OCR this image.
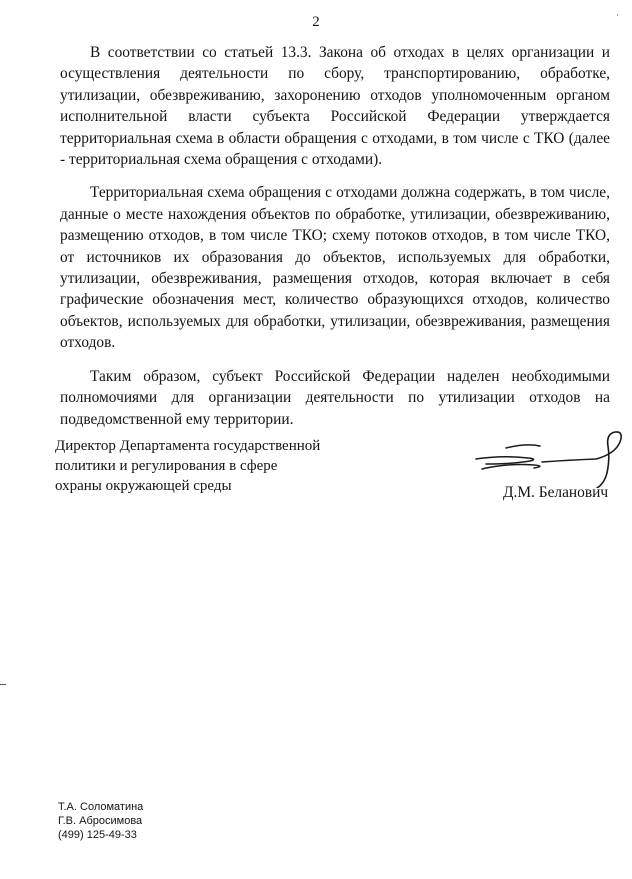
2

В соответствии со статьей 13.3. Закона об отходах в целях организации и осуществления деятельности по сбору, транспортированию, обработке, утилизации, обезвреживанию, захоронению отходов уполномоченным органом исполнительной власти субъекта Российской Федерации утверждается территориальная схема в области обращения с отходами, в том числе с ТКО (далее - территориальная схема обращения с отходами).

Территориальная схема обращения с отходами должна содержать, в том числе, данные о месте нахождения объектов по обработке, утилизации, обезвреживанию, размещению отходов, в том числе ТКО; схему потоков отходов, в том числе ТКО, от источников их образования до объектов, используемых для обработки, утилизации, обезвреживания, размещения отходов, которая включает в себя графические обозначения мест, количество образующихся отходов, количество объектов, используемых для обработки, утилизации, обезвреживания, размещения отходов.

Таким образом, субъект Российской Федерации наделен необходимыми полномочиями для организации деятельности по утилизации отходов на подведомственной ему территории.

Директор Департамента государственной
политики и регулирования в сфере
охраны окружающей среды	Д.М. Беланович
Т.А. Соломатина
Г.В. Абросимова
(499) 125-49-33
